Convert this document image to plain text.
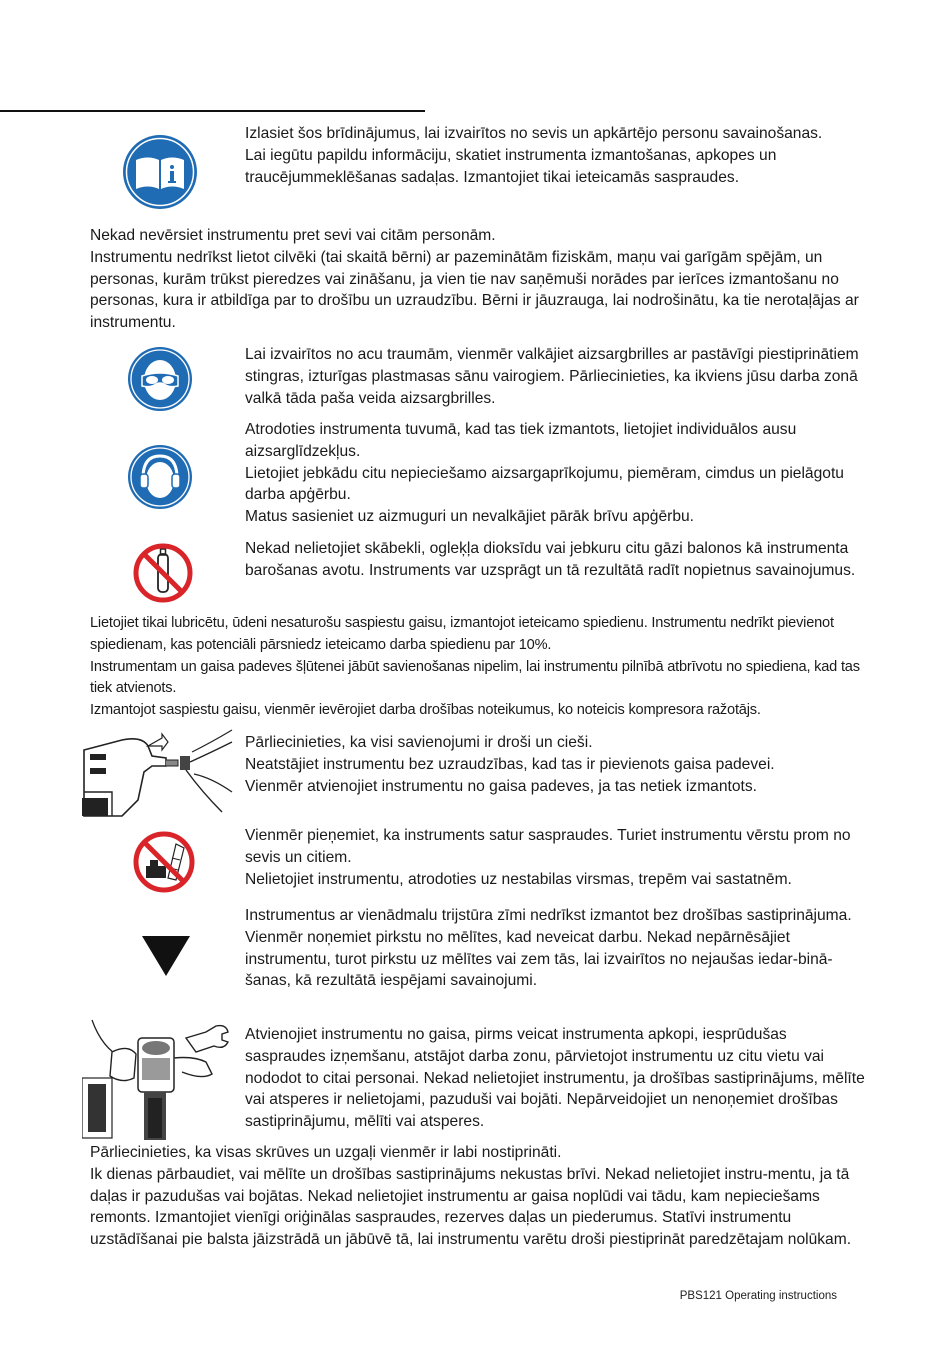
Izlasiet šos brīdinājumus, lai izvairītos no sevis un apkārtējo personu savainošanas.
Lai iegūtu papildu informāciju, skatiet instrumenta izmantošanas, apkopes un traucējummeklēšanas sadaļas. Izmantojiet tikai ieteicamās saspraudes.
Nekad nevērsiet instrumentu pret sevi vai citām personām.
Instrumentu nedrīkst lietot cilvēki (tai skaitā bērni) ar pazeminātām fiziskām, maņu vai garīgām spējām, un personas, kurām trūkst pieredzes vai zināšanu, ja vien tie nav saņēmuši norādes par ierīces izmantošanu no personas, kura ir atbildīga par to drošību un uzraudzību. Bērni ir jāuzrauga, lai nodrošinātu, ka tie nerotaļājas ar instrumentu.
Lai izvairītos no acu traumām, vienmēr valkājiet aizsargbrilles ar pastāvīgi piestiprinātiem stingras, izturīgas plastmasas sānu vairogiem. Pārliecinieties, ka ikviens jūsu darba zonā valkā tāda paša veida aizsargbrilles.
Atrodoties instrumenta tuvumā, kad tas tiek izmantots, lietojiet individuālos ausu aizsarglīdzekļus.
Lietojiet jebkādu citu nepieciešamo aizsargaprīkojumu, piemēram, cimdus un pielāgotu darba apģērbu.
Matus sasieniet uz aizmuguri un nevalkājiet pārāk brīvu apģērbu.
Nekad nelietojiet skābekli, ogleķļa dioksīdu vai jebkuru citu gāzi balonos kā instrumenta barošanas avotu. Instruments var uzsprāgt un tā rezultātā radīt nopietnus savainojumus.
Lietojiet tikai lubricētu, ūdeni nesaturošu saspiestu gaisu, izmantojot ieteicamo spiedienu. Instrumentu nedrīkt pievienot spiedienam, kas potenciāli pārsniedz ieteicamo darba spiedienu par 10%.
Instrumentam un gaisa padeves šļūtenei jābūt savienošanas nipelim, lai instrumentu pilnībā atbrīvotu no spiediena, kad tas tiek atvienots.
Izmantojot saspiestu gaisu, vienmēr ievērojiet darba drošības noteikumus, ko noteicis kompresora ražotājs.
Pārliecinieties, ka visi savienojumi ir droši un cieši.
Neatstājiet instrumentu bez uzraudzības, kad tas ir pievienots gaisa padevei.
Vienmēr atvienojiet instrumentu no gaisa padeves, ja tas netiek izmantots.
Vienmēr pieņemiet, ka instruments satur saspraudes. Turiet instrumentu vērstu prom no sevis un citiem.
Nelietojiet instrumentu, atrodoties uz nestabilas virsmas, trepēm vai sastatnēm.
Instrumentus ar vienādmalu trijstūra zīmi nedrīkst izmantot bez drošības sastiprinājuma.
Vienmēr noņemiet pirkstu no mēlītes, kad neveicat darbu. Nekad nepārnēsājiet instrumentu, turot pirkstu uz mēlītes vai zem tās, lai izvairītos no nejaušas iedar-bināšanas, kā rezultātā iespējami savainojumi.
Atvienojiet instrumentu no gaisa, pirms veicat instrumenta apkopi, iesprūdušas saspraudes izņemšanu, atstājot darba zonu, pārvietojot instrumentu uz citu vietu vai nododot to citai personai. Nekad nelietojiet instrumentu, ja drošības sastiprinājums, mēlīte vai atsperes ir nelietojami, pazuduši vai bojāti. Nepārveidojiet un nenoņemiet drošības sastiprinājumu, mēlīti vai atsperes.
Pārliecinieties, ka visas skrūves un uzgaļi vienmēr ir labi nostiprināti.
Ik dienas pārbaudiet, vai mēlīte un drošības sastiprinājums nekustas brīvi. Nekad nelietojiet instru-mentu, ja tā daļas ir pazudušas vai bojātas. Nekad nelietojiet instrumentu ar gaisa noplūdi vai tādu, kam nepieciešams remonts. Izmantojiet vienīgi oriģinālas saspraudes, rezerves daļas un piederumus. Statīvi instrumentu uzstādīšanai pie balsta jāizstrādā un jābūvē tā, lai instrumentu varētu droši piestiprināt paredzētajam nolūkam.
PBS121 Operating instructions
